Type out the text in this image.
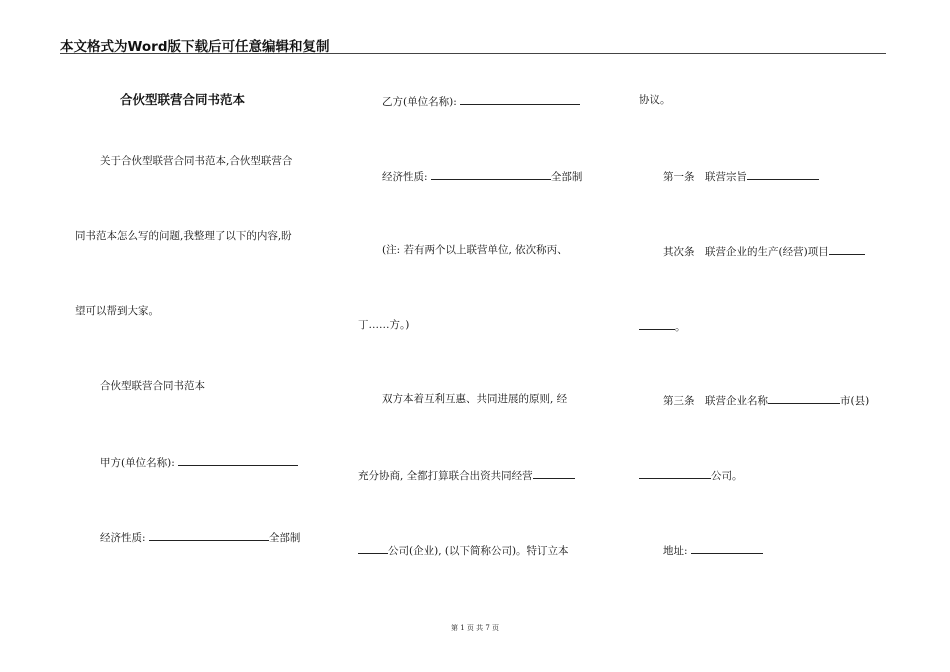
本文格式为Word版下载后可任意编辑和复制
合伙型联营合同书范本
关于合伙型联营合同书范本,合伙型联营合
同书范本怎么写的问题,我整理了以下的内容,盼
望可以帮到大家。
合伙型联营合同书范本
甲方(单位名称):
经济性质:	全部制
乙方(单位名称):
经济性质:	全部制
(注: 若有两个以上联营单位, 依次称丙、
丁……方。)
双方本着互利互惠、共同进展的原则, 经
充分协商, 全都打算联合出资共同经营
公司(企业), (以下简称公司)。特订立本
协议。
第一条　联营宗旨
其次条　联营企业的生产(经营)项目
。
第三条　联营企业名称	市(县)
公司。
地址:
第 1 页 共 7 页
